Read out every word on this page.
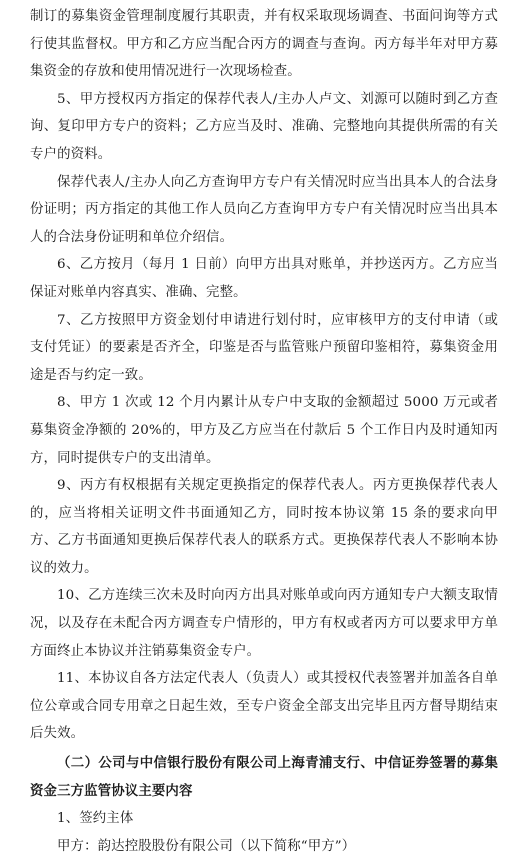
制订的募集资金管理制度履行其职责，并有权采取现场调查、书面问询等方式行使其监督权。甲方和乙方应当配合丙方的调查与查询。丙方每半年对甲方募集资金的存放和使用情况进行一次现场检查。

5、甲方授权丙方指定的保荐代表人/主办人卢文、刘源可以随时到乙方查询、复印甲方专户的资料；乙方应当及时、准确、完整地向其提供所需的有关专户的资料。

保荐代表人/主办人向乙方查询甲方专户有关情况时应当出具本人的合法身份证明；丙方指定的其他工作人员向乙方查询甲方专户有关情况时应当出具本人的合法身份证明和单位介绍信。

6、乙方按月（每月 1 日前）向甲方出具对账单，并抄送丙方。乙方应当保证对账单内容真实、准确、完整。

7、乙方按照甲方资金划付申请进行划付时，应审核甲方的支付申请（或支付凭证）的要素是否齐全，印鉴是否与监管账户预留印鉴相符，募集资金用途是否与约定一致。

8、甲方 1 次或 12 个月内累计从专户中支取的金额超过 5000 万元或者募集资金净额的 20%的，甲方及乙方应当在付款后 5 个工作日内及时通知丙方，同时提供专户的支出清单。

9、丙方有权根据有关规定更换指定的保荐代表人。丙方更换保荐代表人的，应当将相关证明文件书面通知乙方，同时按本协议第 15 条的要求向甲方、乙方书面通知更换后保荐代表人的联系方式。更换保荐代表人不影响本协议的效力。

10、乙方连续三次未及时向丙方出具对账单或向丙方通知专户大额支取情况，以及存在未配合丙方调查专户情形的，甲方有权或者丙方可以要求甲方单方面终止本协议并注销募集资金专户。

11、本协议自各方法定代表人（负责人）或其授权代表签署并加盖各自单位公章或合同专用章之日起生效，至专户资金全部支出完毕且丙方督导期结束后失效。

（二）公司与中信银行股份有限公司上海青浦支行、中信证券签署的募集资金三方监管协议主要内容

1、签约主体

甲方：韵达控股股份有限公司（以下简称“甲方”）
